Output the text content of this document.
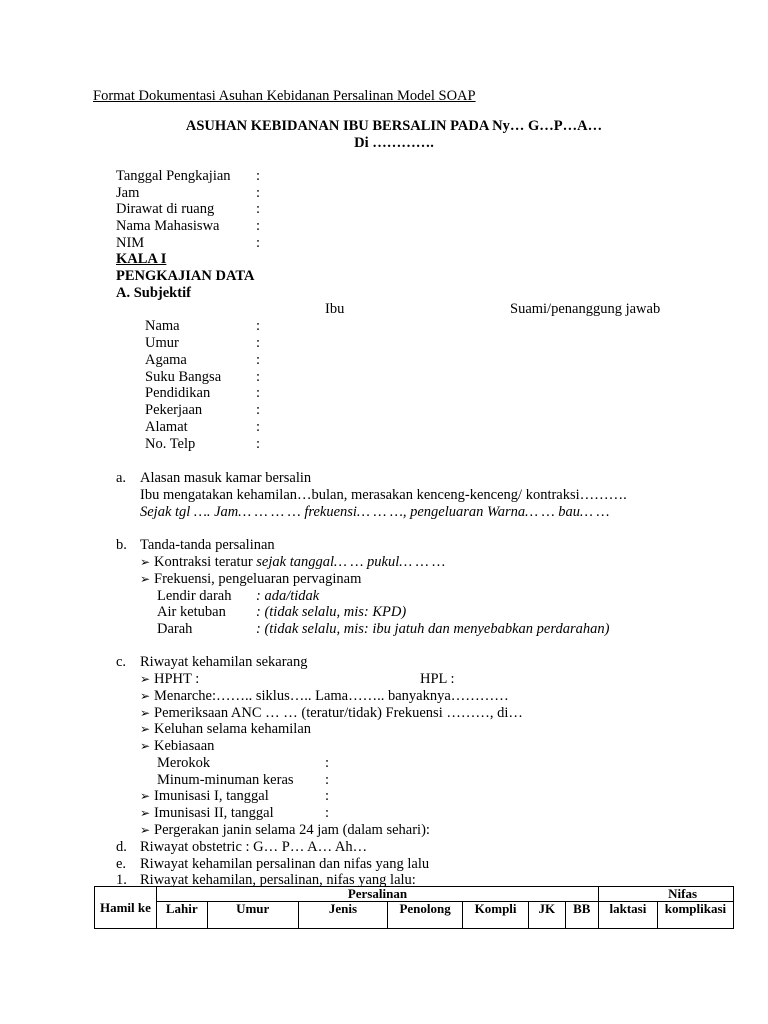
Format Dokumentasi Asuhan Kebidanan Persalinan Model SOAP
ASUHAN KEBIDANAN IBU BERSALIN PADA Ny… G…P…A…
Di ………….
Tanggal Pengkajian :
Jam	:
Dirawat di ruang	:
Nama Mahasiswa	:
NIM	:
KALA I
PENGKAJIAN DATA
A. Subjektif
Ibu	Suami/penanggung jawab
Nama	:
Umur	:
Agama	:
Suku Bangsa :
Pendidikan	:
Pekerjaan	:
Alamat	:
No. Telp	:
a. Alasan masuk kamar bersalin
Ibu mengatakan kehamilan…bulan, merasakan kenceng-kenceng/ kontraksi……….
Sejak tgl …. Jam… … … … frekuensi… … …, pengeluaran Warna… … bau… …
b. Tanda-tanda persalinan
➢ Kontraksi teratur sejak tanggal… … pukul… … …
➢ Frekuensi, pengeluaran pervaginam
Lendir darah : ada/tidak
Air ketuban : (tidak selalu, mis: KPD)
Darah	: (tidak selalu, mis: ibu jatuh dan menyebabkan perdarahan)
c. Riwayat kehamilan sekarang
➢ HPHT :	HPL :
➢ Menarche:…….. siklus….. Lama…….. banyaknya…………
➢ Pemeriksaan ANC … … (teratur/tidak) Frekuensi ………, di…
➢ Keluhan selama kehamilan
➢ Kebiasaan
Merokok	:
Minum-minuman keras :
➢ Imunisasi I, tanggal	:
➢ Imunisasi II, tanggal	:
➢ Pergerakan janin selama 24 jam (dalam sehari):
d. Riwayat obstetric : G… P… A… Ah…
e. Riwayat kehamilan persalinan dan nifas yang lalu
1. Riwayat kehamilan, persalinan, nifas yang lalu:
Hamil ke	Persalinan							Nifas	
	Lahir	Umur	Jenis	Penolong	Kompli	JK	BB	laktasi	komplikasi
